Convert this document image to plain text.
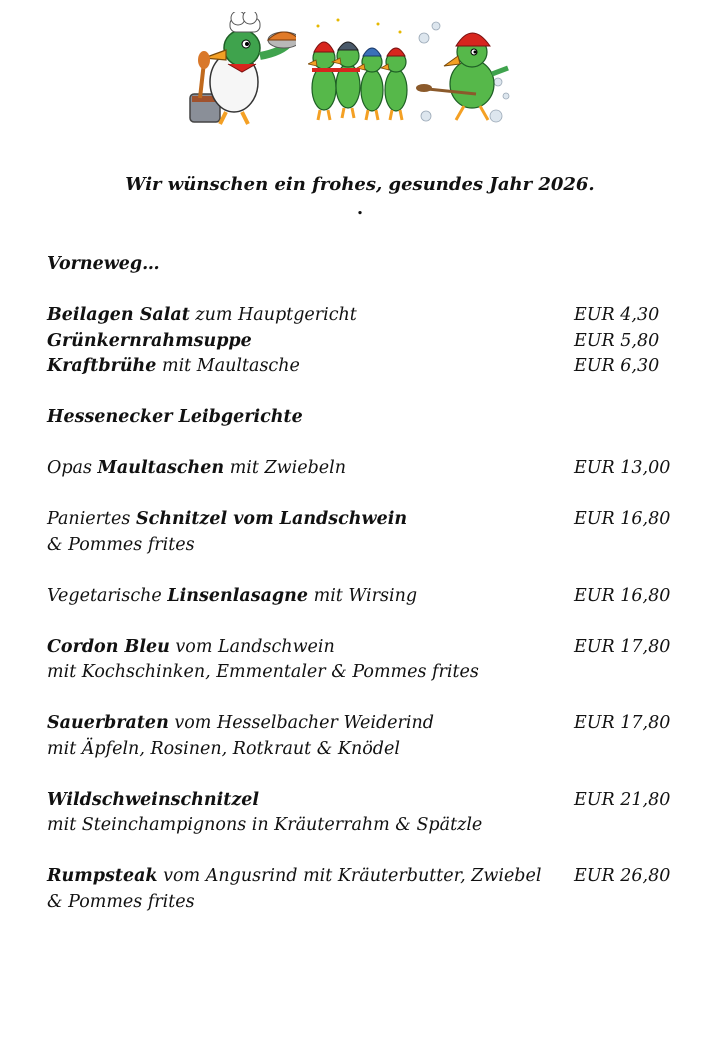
Wir wünschen ein frohes, gesundes Jahr 2026.
.
Vorneweg…
Beilagen Salat zum Hauptgericht	EUR 4,30
Grünkernrahmsuppe	EUR 5,80
Kraftbrühe mit Maultasche	EUR 6,30
Hessenecker Leibgerichte
Opas Maultaschen mit Zwiebeln	EUR 13,00
Paniertes Schnitzel vom Landschwein	EUR 16,80
& Pommes frites
Vegetarische Linsenlasagne mit Wirsing	EUR 16,80
Cordon Bleu vom Landschwein	EUR 17,80
mit Kochschinken, Emmentaler & Pommes frites
Sauerbraten vom Hesselbacher Weiderind	EUR 17,80
mit Äpfeln, Rosinen, Rotkraut & Knödel
Wildschweinschnitzel	EUR 21,80
mit Steinchampignons in Kräuterrahm & Spätzle
Rumpsteak vom Angusrind mit Kräuterbutter, Zwiebel EUR 26,80
& Pommes frites
